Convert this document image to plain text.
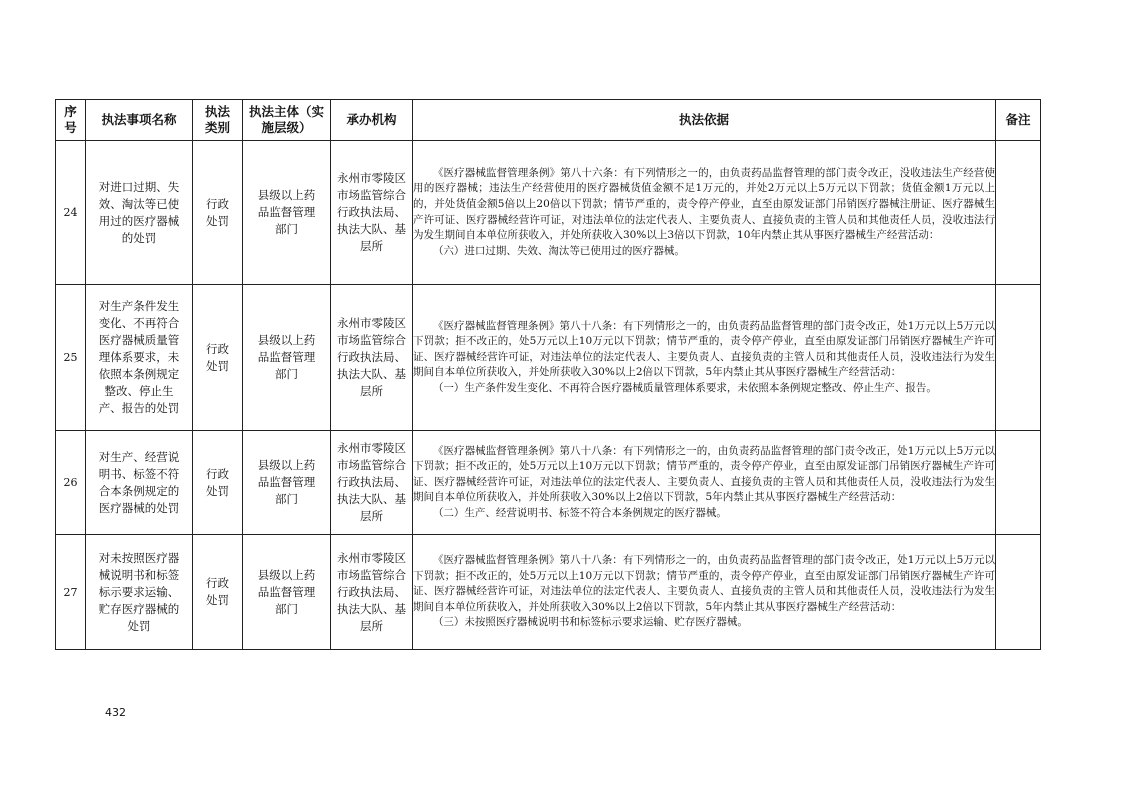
序号	执法事项名称	执法类别	执法主体（实施层级）	承办机构	执法依据	备注
24	对进口过期、失效、淘汰等已使用过的医疗器械的处罚	行政处罚	县级以上药品监督管理部门	永州市零陵区市场监管综合行政执法局、执法大队、基层所	《医疗器械监督管理条例》第八十六条：有下列情形之一的，由负责药品监督管理的部门责令改正，没收违法生产经营使用的医疗器械；违法生产经营使用的医疗器械货值金额不足1万元的，并处2万元以上5万元以下罚款；货值金额1万元以上的，并处货值金额5倍以上20倍以下罚款；情节严重的，责令停产停业，直至由原发证部门吊销医疗器械注册证、医疗器械生产许可证、医疗器械经营许可证，对违法单位的法定代表人、主要负责人、直接负责的主管人员和其他责任人员，没收违法行为发生期间自本单位所获收入，并处所获收入30%以上3倍以下罚款，10年内禁止其从事医疗器械生产经营活动：

（六）进口过期、失效、淘汰等已使用过的医疗器械。	

25	对生产条件发生变化、不再符合医疗器械质量管理体系要求，未依照本条例规定整改、停止生产、报告的处罚	行政处罚	县级以上药品监督管理部门	永州市零陵区市场监管综合行政执法局、执法大队、基层所	《医疗器械监督管理条例》第八十八条：有下列情形之一的，由负责药品监督管理的部门责令改正，处1万元以上5万元以下罚款；拒不改正的，处5万元以上10万元以下罚款；情节严重的，责令停产停业，直至由原发证部门吊销医疗器械生产许可证、医疗器械经营许可证，对违法单位的法定代表人、主要负责人、直接负责的主管人员和其他责任人员，没收违法行为发生期间自本单位所获收入，并处所获收入30%以上2倍以下罚款，5年内禁止其从事医疗器械生产经营活动：

（一）生产条件发生变化、不再符合医疗器械质量管理体系要求，未依照本条例规定整改、停止生产、报告。	

26	对生产、经营说明书、标签不符合本条例规定的医疗器械的处罚	行政处罚	县级以上药品监督管理部门	永州市零陵区市场监管综合行政执法局、执法大队、基层所	《医疗器械监督管理条例》第八十八条：有下列情形之一的，由负责药品监督管理的部门责令改正，处1万元以上5万元以下罚款；拒不改正的，处5万元以上10万元以下罚款；情节严重的，责令停产停业，直至由原发证部门吊销医疗器械生产许可证、医疗器械经营许可证，对违法单位的法定代表人、主要负责人、直接负责的主管人员和其他责任人员，没收违法行为发生期间自本单位所获收入，并处所获收入30%以上2倍以下罚款，5年内禁止其从事医疗器械生产经营活动：

（二）生产、经营说明书、标签不符合本条例规定的医疗器械。	

27	对未按照医疗器械说明书和标签标示要求运输、贮存医疗器械的处罚	行政处罚	县级以上药品监督管理部门	永州市零陵区市场监管综合行政执法局、执法大队、基层所	《医疗器械监督管理条例》第八十八条：有下列情形之一的，由负责药品监督管理的部门责令改正，处1万元以上5万元以下罚款；拒不改正的，处5万元以上10万元以下罚款；情节严重的，责令停产停业，直至由原发证部门吊销医疗器械生产许可证、医疗器械经营许可证，对违法单位的法定代表人、主要负责人、直接负责的主管人员和其他责任人员，没收违法行为发生期间自本单位所获收入，并处所获收入30%以上2倍以下罚款，5年内禁止其从事医疗器械生产经营活动：

（三）未按照医疗器械说明书和标签标示要求运输、贮存医疗器械。	

432
